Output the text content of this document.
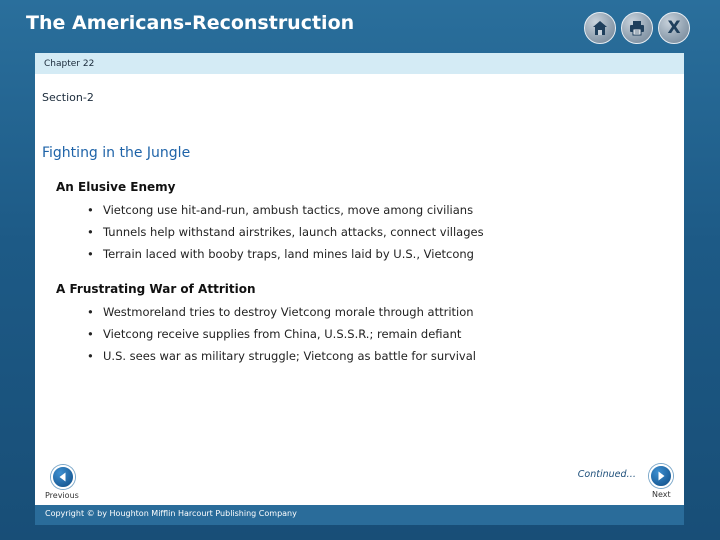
The Americans-Reconstruction	X
Chapter 22
Section-2
Fighting in the Jungle
An Elusive Enemy
• Vietcong use hit-and-run, ambush tactics, move among civilians
• Tunnels help withstand airstrikes, launch attacks, connect villages
• Terrain laced with booby traps, land mines laid by U.S., Vietcong
A Frustrating War of Attrition
• Westmoreland tries to destroy Vietcong morale through attrition
• Vietcong receive supplies from China, U.S.S.R.; remain defiant
• U.S. sees war as military struggle; Vietcong as battle for survival
Continued…
Previous	Next
Copyright © by Houghton Mifflin Harcourt Publishing Company
